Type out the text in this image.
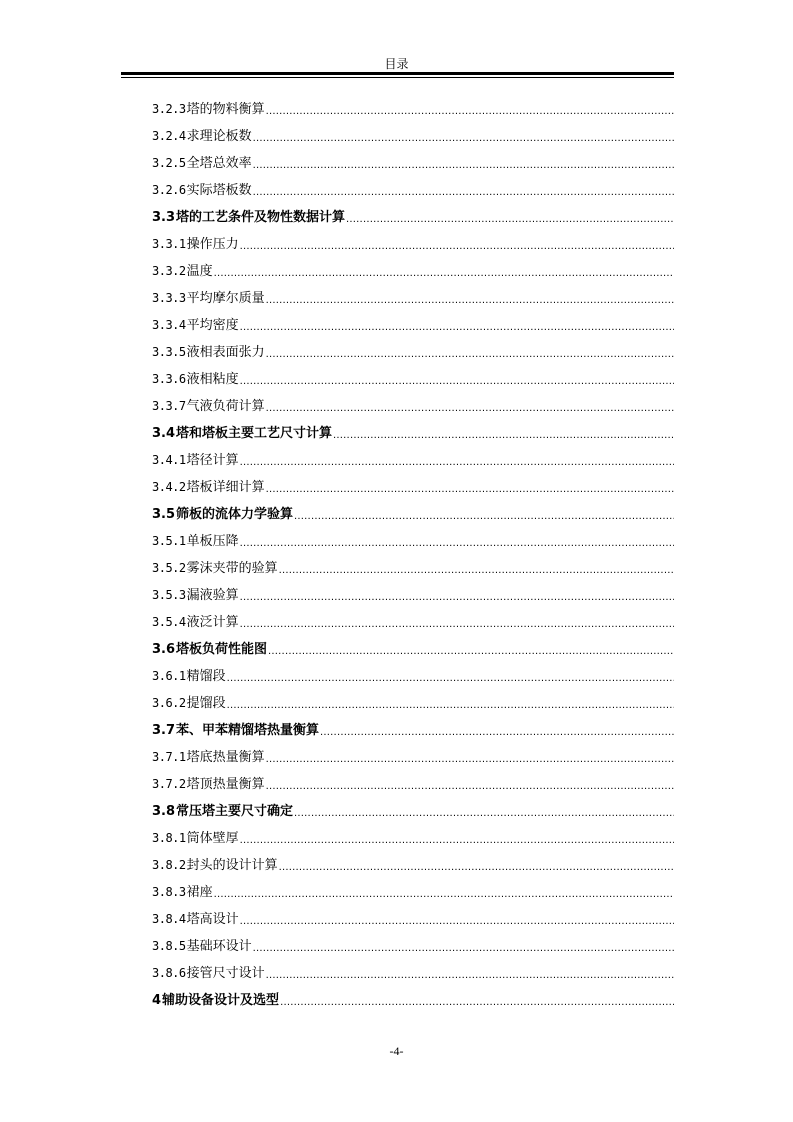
目录
3.2.3 塔的物料衡算
.....
3.2.4 求理论板数
.....
3.2.5 全塔总效率
.....
3.2.6 实际塔板数
.....
3.3 塔的工艺条件及物性数据计算
.....
3.3.1 操作压力
.....
3.3.2 温度
.....
3.3.3 平均摩尔质量
.....
3.3.4 平均密度
.....
3.3.5 液相表面张力
.....
3.3.6 液相粘度
.....
3.3.7 气液负荷计算
.....
3.4 塔和塔板主要工艺尺寸计算
.....
3.4.1 塔径计算
.....
3.4.2 塔板详细计算
.....
3.5 筛板的流体力学验算
.....
3.5.1 单板压降
.....
3.5.2 雾沫夹带的验算
.....
3.5.3 漏液验算
.....
3.5.4 液泛计算
.....
3.6 塔板负荷性能图
.....
3.6.1 精馏段
.....
3.6.2 提馏段
.....
3.7 苯、甲苯精馏塔热量衡算
.....
3.7.1 塔底热量衡算
.....
3.7.2 塔顶热量衡算
.....
3.8 常压塔主要尺寸确定
.....
3.8.1 筒体壁厚
.....
3.8.2 封头的设计计算
.....
3.8.3 裙座
.....
3.8.4 塔高设计
.....
3.8.5 基础环设计
.....
3.8.6 接管尺寸设计
.....
4 辅助设备设计及选型
.....
-4-
